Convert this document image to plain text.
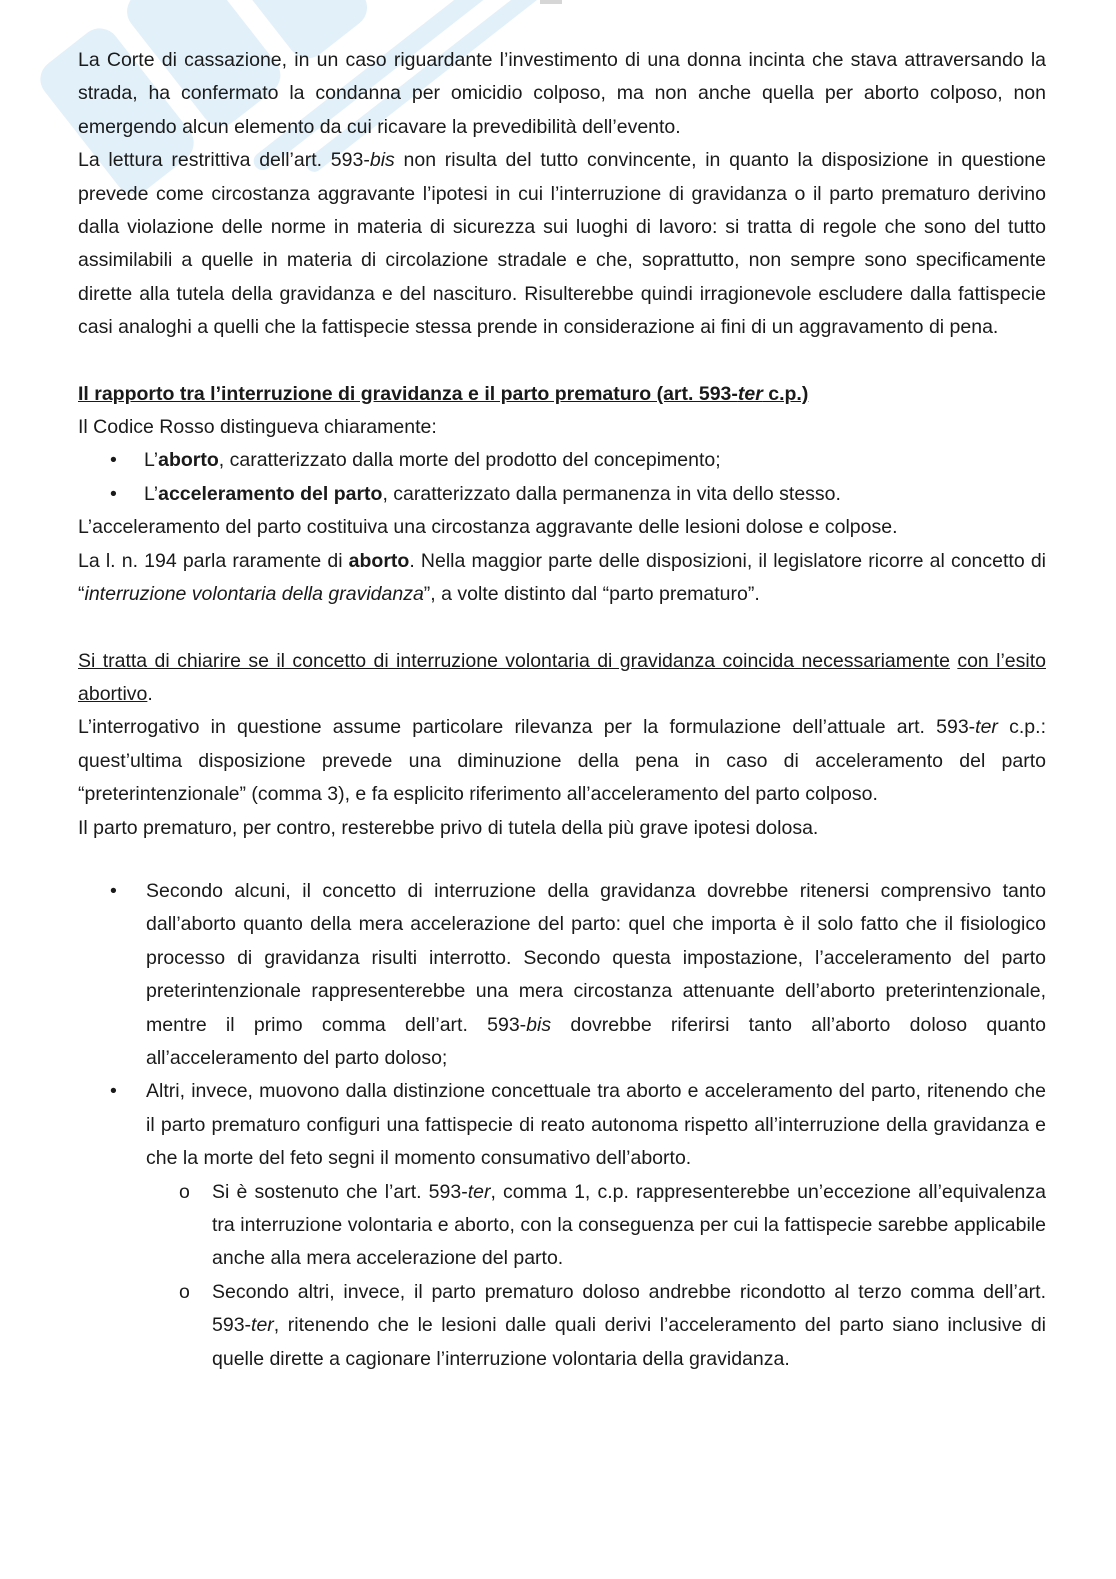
La Corte di cassazione, in un caso riguardante l’investimento di una donna incinta che stava attraversando la strada, ha confermato la condanna per omicidio colposo, ma non anche quella per aborto colposo, non emergendo alcun elemento da cui ricavare la prevedibilità dell’evento.

La lettura restrittiva dell’art. 593-bis non risulta del tutto convincente, in quanto la disposizione in questione prevede come circostanza aggravante l’ipotesi in cui l’interruzione di gravidanza o il parto prematuro derivino dalla violazione delle norme in materia di sicurezza sui luoghi di lavoro: si tratta di regole che sono del tutto assimilabili a quelle in materia di circolazione stradale e che, soprattutto, non sempre sono specificamente dirette alla tutela della gravidanza e del nascituro. Risulterebbe quindi irragionevole escludere dalla fattispecie casi analoghi a quelli che la fattispecie stessa prende in considerazione ai fini di un aggravamento di pena.

Il rapporto tra l’interruzione di gravidanza e il parto prematuro (art. 593-ter c.p.)

Il Codice Rosso distingueva chiaramente:

• L’aborto, caratterizzato dalla morte del prodotto del concepimento;

• L’acceleramento del parto, caratterizzato dalla permanenza in vita dello stesso.

L’acceleramento del parto costituiva una circostanza aggravante delle lesioni dolose e colpose.

La l. n. 194 parla raramente di aborto. Nella maggior parte delle disposizioni, il legislatore ricorre al concetto di “interruzione volontaria della gravidanza”, a volte distinto dal “parto prematuro”.

Si tratta di chiarire se il concetto di interruzione volontaria di gravidanza coincida necessariamente con l’esito abortivo.

L’interrogativo in questione assume particolare rilevanza per la formulazione dell’attuale art. 593-ter c.p.: quest’ultima disposizione prevede una diminuzione della pena in caso di acceleramento del parto “preterintenzionale” (comma 3), e fa esplicito riferimento all’acceleramento del parto colposo.

Il parto prematuro, per contro, resterebbe privo di tutela della più grave ipotesi dolosa.

• Secondo alcuni, il concetto di interruzione della gravidanza dovrebbe ritenersi comprensivo tanto dall’aborto quanto della mera accelerazione del parto: quel che importa è il solo fatto che il fisiologico processo di gravidanza risulti interrotto. Secondo questa impostazione, l’acceleramento del parto preterintenzionale rappresenterebbe una mera circostanza attenuante dell’aborto preterintenzionale, mentre il primo comma dell’art. 593-bis dovrebbe riferirsi tanto all’aborto doloso quanto all’acceleramento del parto doloso;

• Altri, invece, muovono dalla distinzione concettuale tra aborto e acceleramento del parto, ritenendo che il parto prematuro configuri una fattispecie di reato autonoma rispetto all’interruzione della gravidanza e che la morte del feto segni il momento consumativo dell’aborto.

o Si è sostenuto che l’art. 593-ter, comma 1, c.p. rappresenterebbe un’eccezione all’equivalenza tra interruzione volontaria e aborto, con la conseguenza per cui la fattispecie sarebbe applicabile anche alla mera accelerazione del parto.

o Secondo altri, invece, il parto prematuro doloso andrebbe ricondotto al terzo comma dell’art. 593-ter, ritenendo che le lesioni dalle quali derivi l’acceleramento del parto siano inclusive di quelle dirette a cagionare l’interruzione volontaria della gravidanza.
